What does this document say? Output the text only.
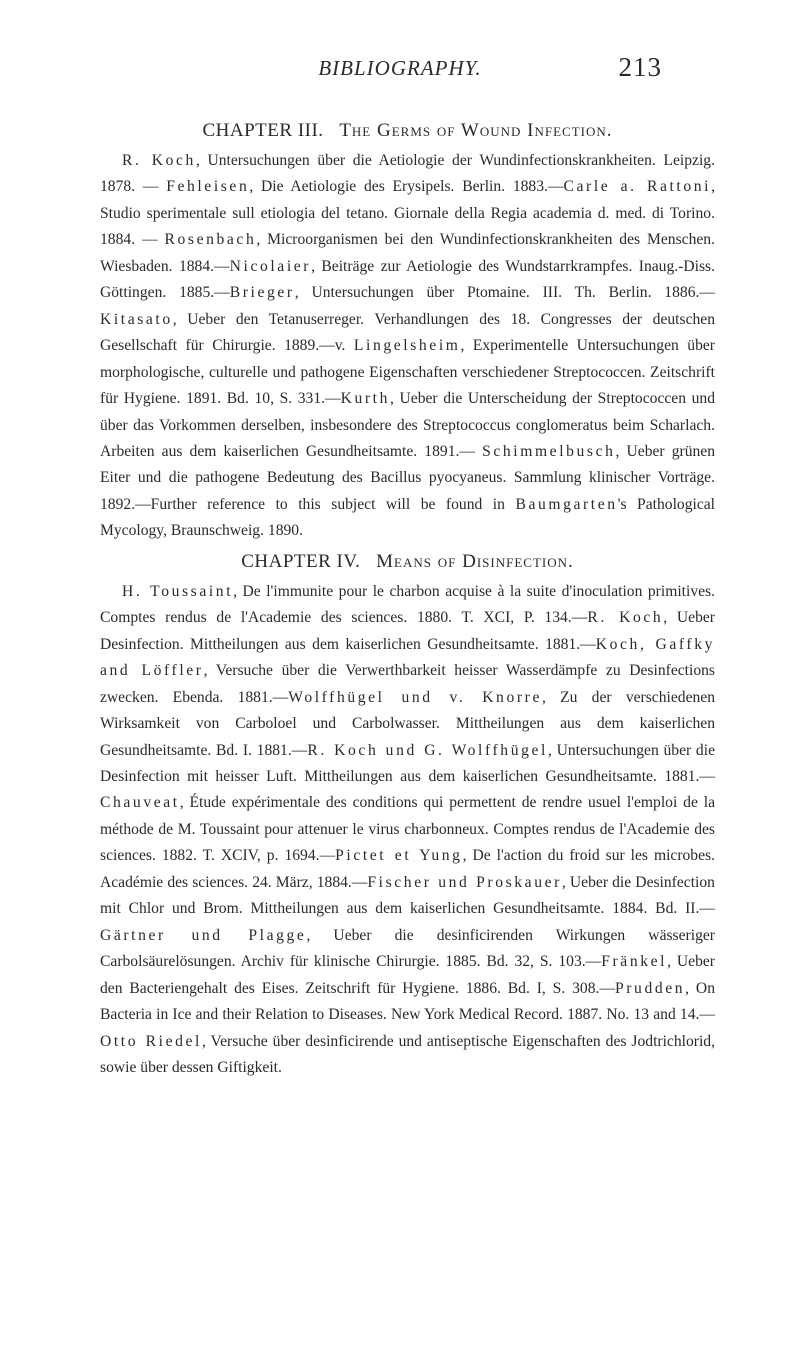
BIBLIOGRAPHY.	213
CHAPTER III. The Germs of Wound Infection.

R. Koch, Untersuchungen über die Aetiologie der Wundinfectionskrankheiten. Leipzig. 1878. — Fehleisen, Die Aetiologie des Erysipels. Berlin. 1883.—Carle a. Rattoni, Studio sperimentale sull etiologia del tetano. Giornale della Regia academia d. med. di Torino. 1884. — Rosenbach, Microorganismen bei den Wundinfectionskrankheiten des Menschen. Wiesbaden. 1884.—Nicolaier, Beiträge zur Aetiologie des Wundstarrkrampfes. Inaug.-Diss. Göttingen. 1885.—Brieger, Untersuchungen über Ptomaine. III. Th. Berlin. 1886.—Kitasato, Ueber den Tetanuserreger. Verhandlungen des 18. Congresses der deutschen Gesellschaft für Chirurgie. 1889.—v. Lingelsheim, Experimentelle Untersuchungen über morphologische, culturelle und pathogene Eigenschaften verschiedener Streptococcen. Zeitschrift für Hygiene. 1891. Bd. 10, S. 331.—Kurth, Ueber die Unterscheidung der Streptococcen und über das Vorkommen derselben, insbesondere des Streptococcus conglomeratus beim Scharlach. Arbeiten aus dem kaiserlichen Gesundheitsamte. 1891.— Schimmelbusch, Ueber grünen Eiter und die pathogene Bedeutung des Bacillus pyocyaneus. Sammlung klinischer Vorträge. 1892.—Further reference to this subject will be found in Baumgarten's Pathological Mycology, Braunschweig. 1890.

CHAPTER IV. Means of Disinfection.

H. Toussaint, De l'immunite pour le charbon acquise à la suite d'inoculation primitives. Comptes rendus de l'Academie des sciences. 1880. T. XCI, P. 134.—R. Koch, Ueber Desinfection. Mittheilungen aus dem kaiserlichen Gesundheitsamte. 1881.—Koch, Gaffky and Löffler, Versuche über die Verwerthbarkeit heisser Wasserdämpfe zu Desinfections zwecken. Ebenda. 1881.—Wolffhügel und v. Knorre, Zu der verschiedenen Wirksamkeit von Carboloel und Carbolwasser. Mittheilungen aus dem kaiserlichen Gesundheitsamte. Bd. I. 1881.—R. Koch und G. Wolffhügel, Untersuchungen über die Desinfection mit heisser Luft. Mittheilungen aus dem kaiserlichen Gesundheitsamte. 1881.—Chauveat, Étude expérimentale des conditions qui permettent de rendre usuel l'emploi de la méthode de M. Toussaint pour attenuer le virus charbonneux. Comptes rendus de l'Academie des sciences. 1882. T. XCIV, p. 1694.—Pictet et Yung, De l'action du froid sur les microbes. Académie des sciences. 24. März, 1884.—Fischer und Proskauer, Ueber die Desinfection mit Chlor und Brom. Mittheilungen aus dem kaiserlichen Gesundheitsamte. 1884. Bd. II.—Gärtner und Plagge, Ueber die desinficirenden Wirkungen wässeriger Carbolsäurelösungen. Archiv für klinische Chirurgie. 1885. Bd. 32, S. 103.—Fränkel, Ueber den Bacteriengehalt des Eises. Zeitschrift für Hygiene. 1886. Bd. I, S. 308.—Prudden, On Bacteria in Ice and their Relation to Diseases. New York Medical Record. 1887. No. 13 and 14.—Otto Riedel, Versuche über desinficirende und antiseptische Eigenschaften des Jodtrichlorid, sowie über dessen Giftigkeit.
